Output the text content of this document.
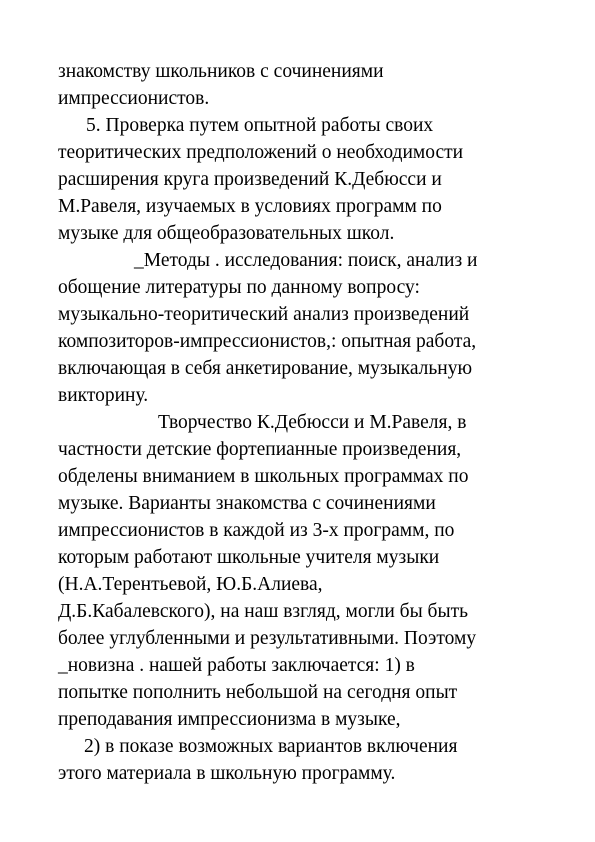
знакомству школьников с сочинениями
импрессионистов.
5. Проверка путем опытной работы своих
теоритических предположений о необходимости
расширения круга произведений К.Дебюсси и
М.Равеля, изучаемых в условиях программ по
музыке для общеобразовательных школ.
_Методы . исследования: поиск, анализ и
обощение литературы по данному вопросу:
музыкально-теоритический анализ произведений
композиторов-импрессионистов,: опытная работа,
включающая в себя анкетирование, музыкальную
викторину.
Творчество К.Дебюсси и М.Равеля, в
частности детские фортепианные произведения,
обделены вниманием в школьных программах по
музыке. Варианты знакомства с сочинениями
импрессионистов в каждой из 3-х программ, по
которым работают школьные учителя музыки
(Н.А.Терентьевой, Ю.Б.Алиева,
Д.Б.Кабалевского), на наш взгляд, могли бы быть
более углубленными и результативными. Поэтому
_новизна . нашей работы заключается: 1) в
попытке пополнить небольшой на сегодня опыт
преподавания импрессионизма в музыке,
2) в показе возможных вариантов включения
этого материала в школьную программу.
